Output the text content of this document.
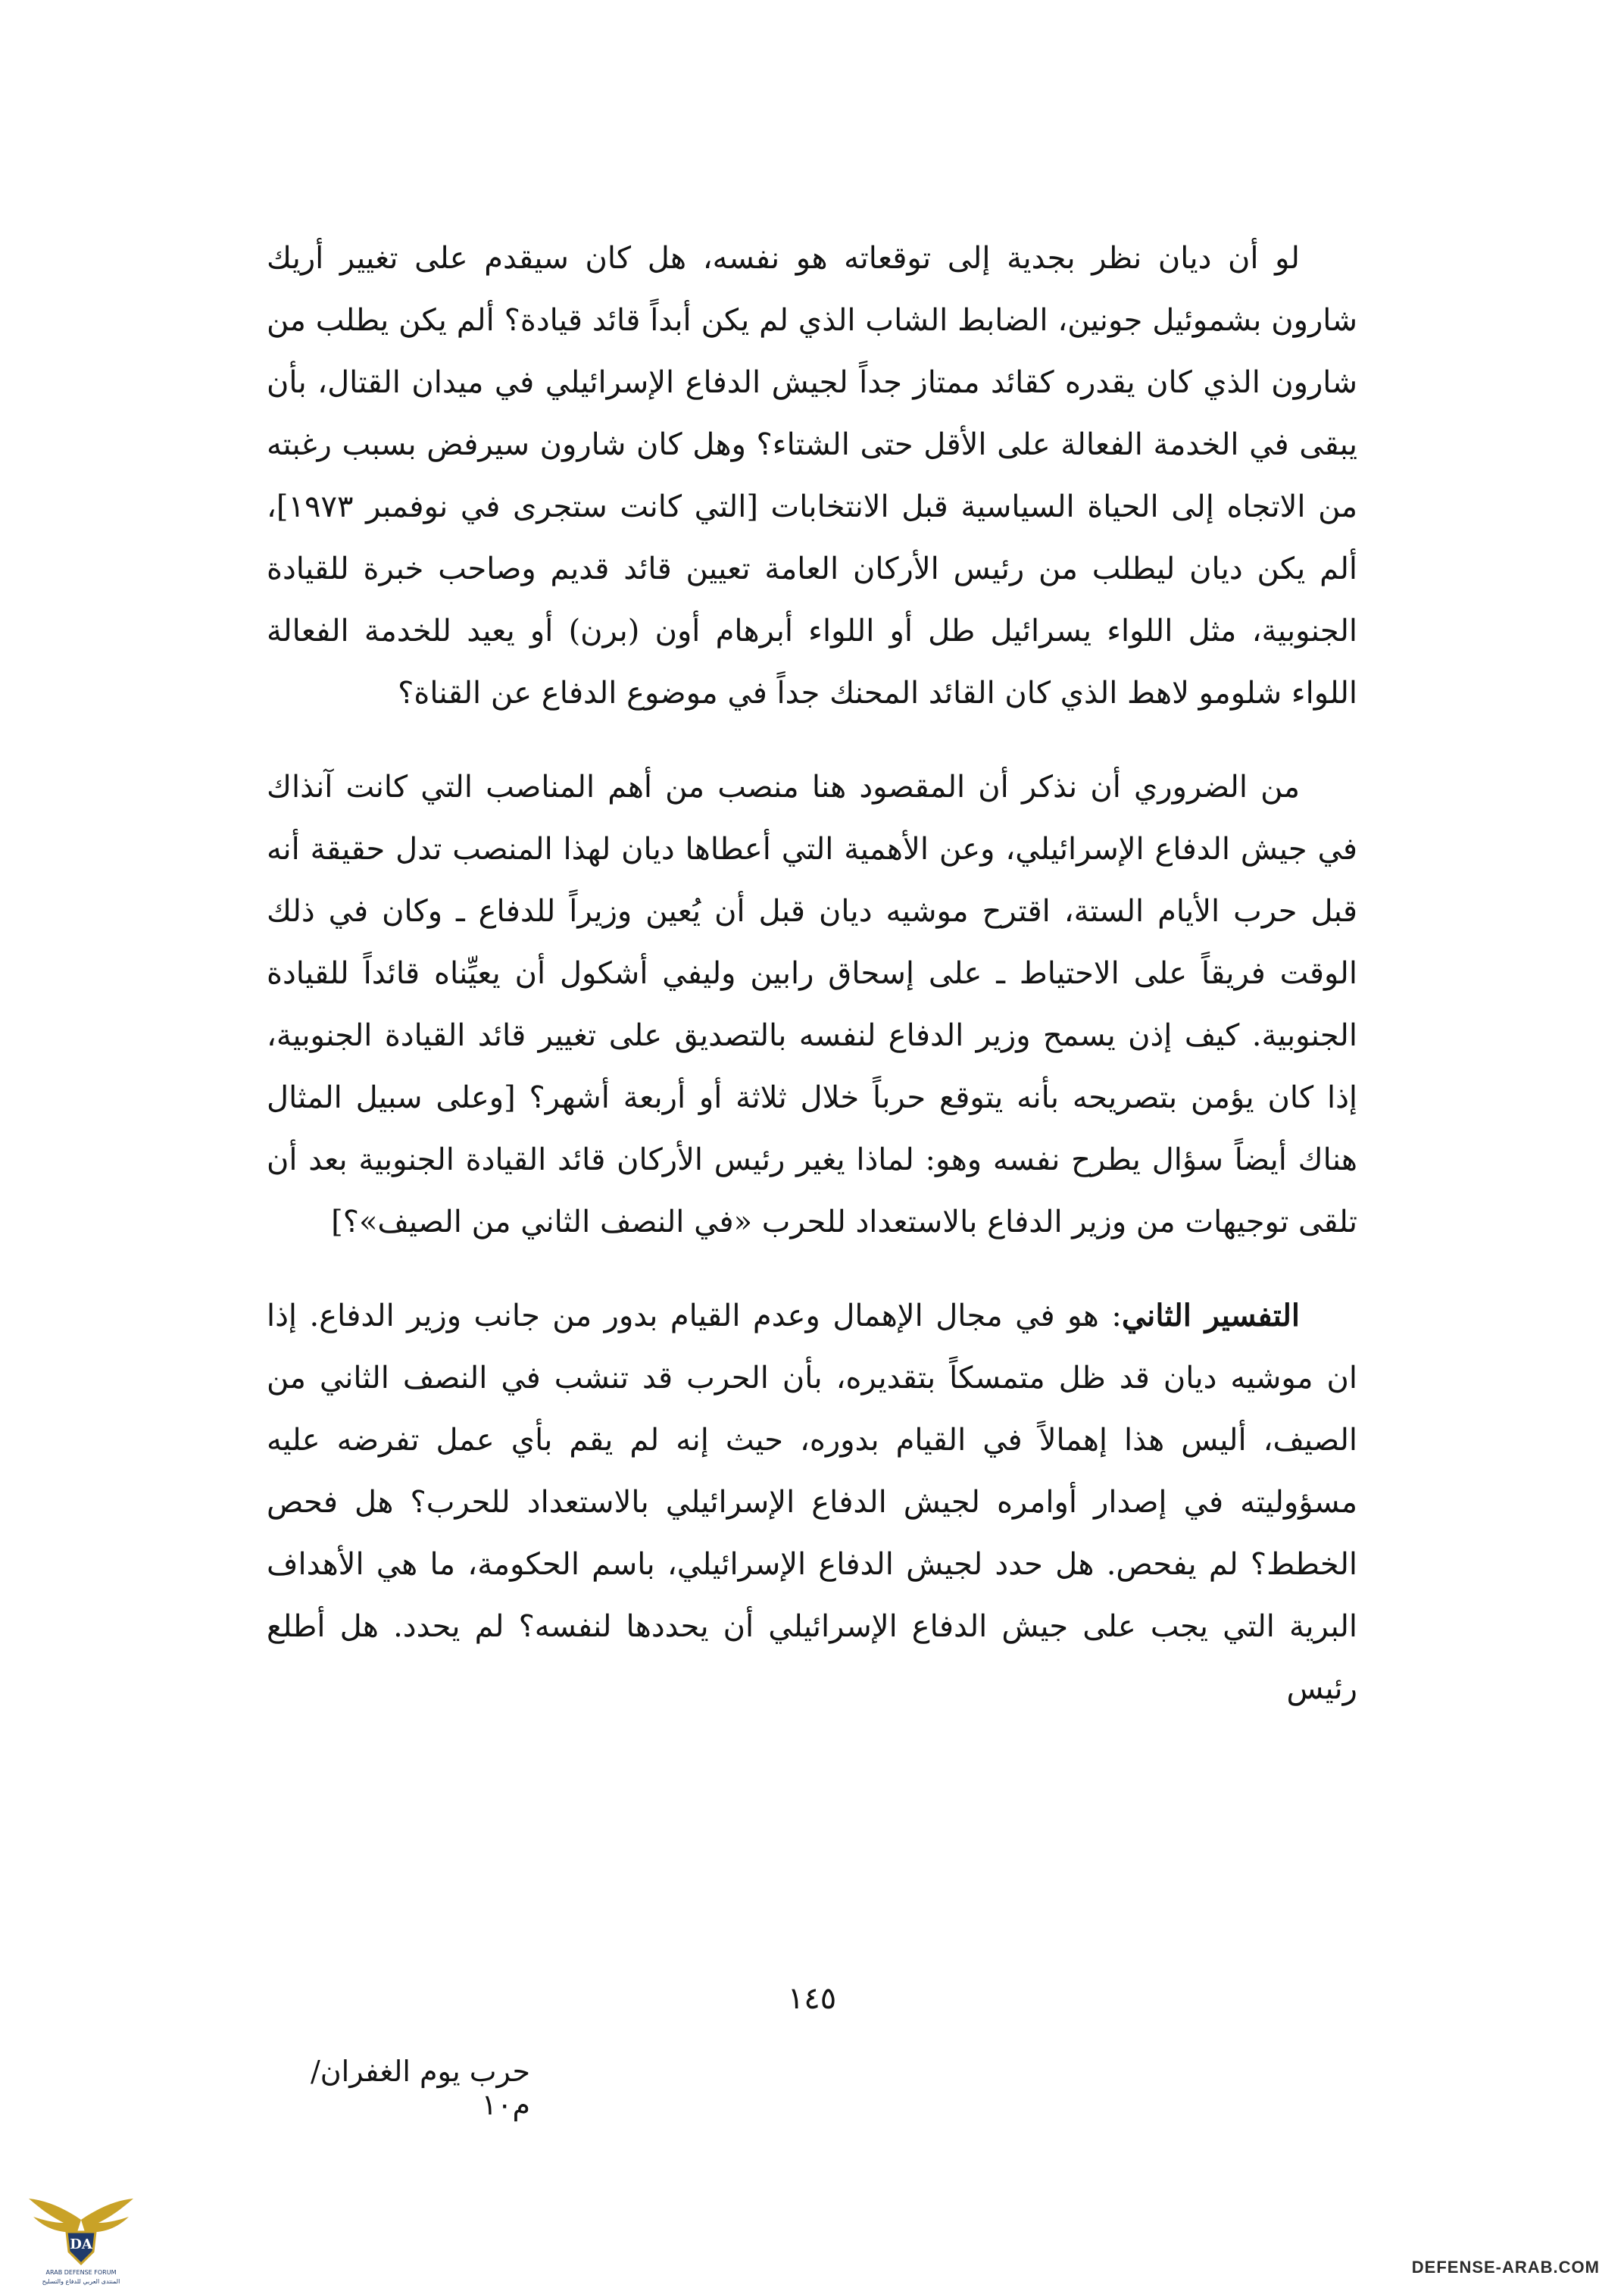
لو أن ديان نظر بجدية إلى توقعاته هو نفسه، هل كان سيقدم على تغيير أريك شارون بشموئيل جونين، الضابط الشاب الذي لم يكن أبداً قائد قيادة؟ ألم يكن يطلب من شارون الذي كان يقدره كقائد ممتاز جداً لجيش الدفاع الإسرائيلي في ميدان القتال، بأن يبقى في الخدمة الفعالة على الأقل حتى الشتاء؟ وهل كان شارون سيرفض بسبب رغبته من الاتجاه إلى الحياة السياسية قبل الانتخابات [التي كانت ستجرى في نوفمبر ١٩٧٣]، ألم يكن ديان ليطلب من رئيس الأركان العامة تعيين قائد قديم وصاحب خبرة للقيادة الجنوبية، مثل اللواء يسرائيل طل أو اللواء أبرهام أون (برن) أو يعيد للخدمة الفعالة اللواء شلومو لاهط الذي كان القائد المحنك جداً في موضوع الدفاع عن القناة؟

من الضروري أن نذكر أن المقصود هنا منصب من أهم المناصب التي كانت آنذاك في جيش الدفاع الإسرائيلي، وعن الأهمية التي أعطاها ديان لهذا المنصب تدل حقيقة أنه قبل حرب الأيام الستة، اقترح موشيه ديان قبل أن يُعين وزيراً للدفاع ـ وكان في ذلك الوقت فريقاً على الاحتياط ـ على إسحاق رابين وليفي أشكول أن يعيِّناه قائداً للقيادة الجنوبية. كيف إذن يسمح وزير الدفاع لنفسه بالتصديق على تغيير قائد القيادة الجنوبية، إذا كان يؤمن بتصريحه بأنه يتوقع حرباً خلال ثلاثة أو أربعة أشهر؟ [وعلى سبيل المثال هناك أيضاً سؤال يطرح نفسه وهو: لماذا يغير رئيس الأركان قائد القيادة الجنوبية بعد أن تلقى توجيهات من وزير الدفاع بالاستعداد للحرب «في النصف الثاني من الصيف»؟]

التفسير الثاني: هو في مجال الإهمال وعدم القيام بدور من جانب وزير الدفاع. إذا ان موشيه ديان قد ظل متمسكاً بتقديره، بأن الحرب قد تنشب في النصف الثاني من الصيف، أليس هذا إهمالاً في القيام بدوره، حيث إنه لم يقم بأي عمل تفرضه عليه مسؤوليته في إصدار أوامره لجيش الدفاع الإسرائيلي بالاستعداد للحرب؟ هل فحص الخطط؟ لم يفحص. هل حدد لجيش الدفاع الإسرائيلي، باسم الحكومة، ما هي الأهداف البرية التي يجب على جيش الدفاع الإسرائيلي أن يحددها لنفسه؟ لم يحدد. هل أطلع رئيس

١٤٥
حرب يوم الغفران/ م١٠
DA
ARAB DEFENSE FORUM
المنتدى العربي للدفاع والتسليح
DEFENSE-ARAB.COM
